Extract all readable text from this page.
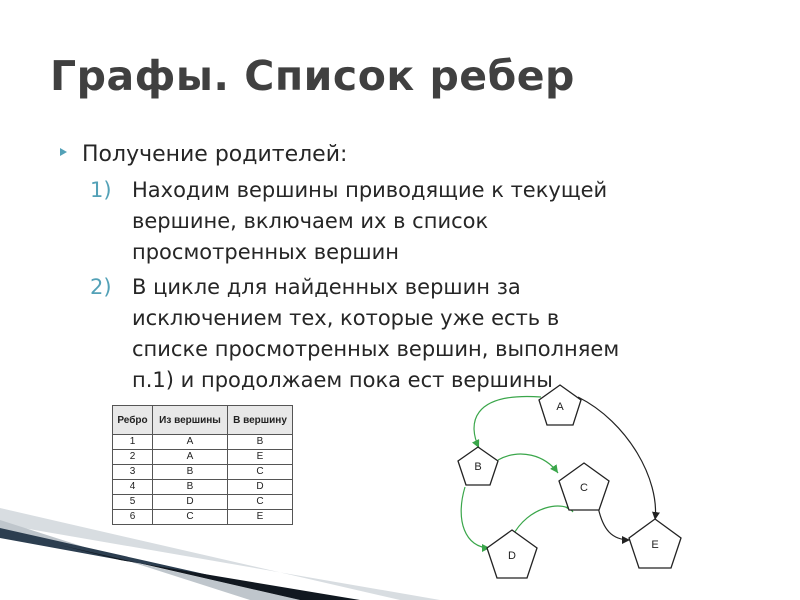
Графы. Список ребер
Получение родителей:
1) Находим вершины приводящие к текущей
вершине, включаем их в список
просмотренных вершин
2) В цикле для найденных вершин за
исключением тех, которые уже есть в
списке просмотренных вершин, выполняем
п.1) и продолжаем пока ест вершины
A
B
C
D
E
Ребро	Из вершины	В вершину
1	A	B
2	A	E
3	B	C
4	B	D
5	D	C
6	C	E
